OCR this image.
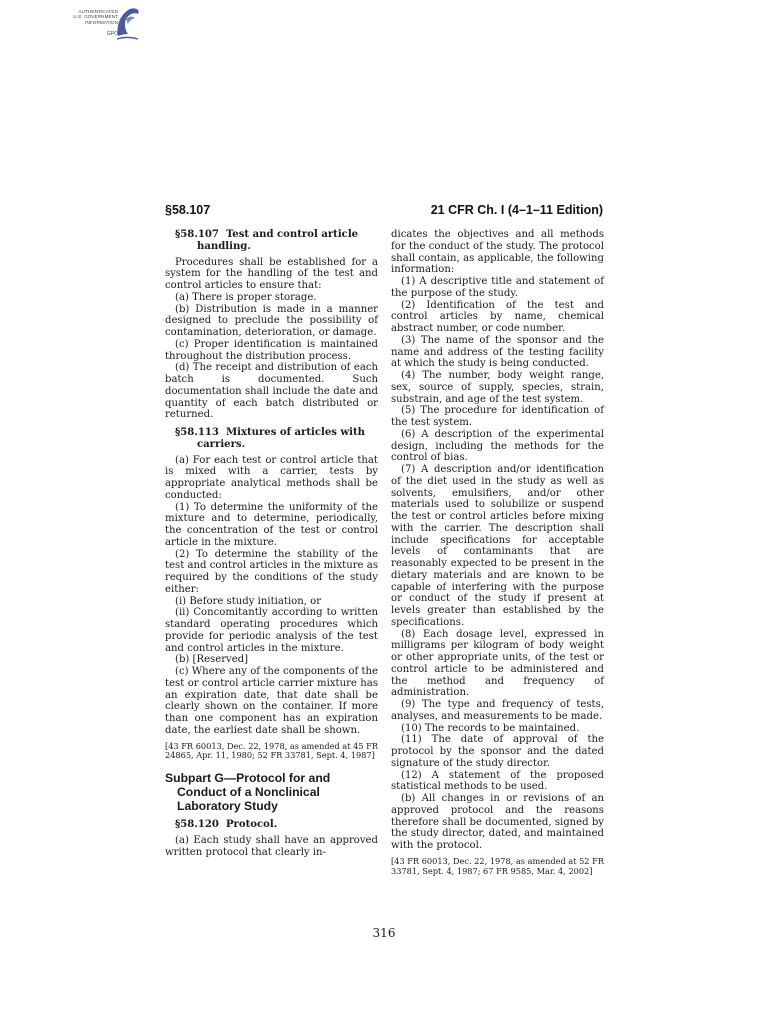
AUTHENTICATED
U.S. GOVERNMENT
INFORMATION
GPO
§58.107	21 CFR Ch. I (4–1–11 Edition)
§58.107 Test and control article handling.

Procedures shall be established for a system for the handling of the test and control articles to ensure that:

(a) There is proper storage.

(b) Distribution is made in a manner designed to preclude the possibility of contamination, deterioration, or damage.

(c) Proper identification is maintained throughout the distribution process.

(d) The receipt and distribution of each batch is documented. Such documentation shall include the date and quantity of each batch distributed or returned.

§58.113 Mixtures of articles with carriers.

(a) For each test or control article that is mixed with a carrier, tests by appropriate analytical methods shall be conducted:

(1) To determine the uniformity of the mixture and to determine, periodically, the concentration of the test or control article in the mixture.

(2) To determine the stability of the test and control articles in the mixture as required by the conditions of the study either:

(i) Before study initiation, or

(ii) Concomitantly according to written standard operating procedures which provide for periodic analysis of the test and control articles in the mixture.

(b) [Reserved]

(c) Where any of the components of the test or control article carrier mixture has an expiration date, that date shall be clearly shown on the container. If more than one component has an expiration date, the earliest date shall be shown.

[43 FR 60013, Dec. 22, 1978, as amended at 45 FR 24865, Apr. 11, 1980; 52 FR 33781, Sept. 4, 1987]

Subpart G—Protocol for and Conduct of a Nonclinical Laboratory Study
§58.120 Protocol.

(a) Each study shall have an approved written protocol that clearly in-

dicates the objectives and all methods for the conduct of the study. The protocol shall contain, as applicable, the following information:

(1) A descriptive title and statement of the purpose of the study.

(2) Identification of the test and control articles by name, chemical abstract number, or code number.

(3) The name of the sponsor and the name and address of the testing facility at which the study is being conducted.

(4) The number, body weight range, sex, source of supply, species, strain, substrain, and age of the test system.

(5) The procedure for identification of the test system.

(6) A description of the experimental design, including the methods for the control of bias.

(7) A description and/or identification of the diet used in the study as well as solvents, emulsifiers, and/or other materials used to solubilize or suspend the test or control articles before mixing with the carrier. The description shall include specifications for acceptable levels of contaminants that are reasonably expected to be present in the dietary materials and are known to be capable of interfering with the purpose or conduct of the study if present at levels greater than established by the specifications.

(8) Each dosage level, expressed in milligrams per kilogram of body weight or other appropriate units, of the test or control article to be administered and the method and frequency of administration.

(9) The type and frequency of tests, analyses, and measurements to be made.

(10) The records to be maintained.

(11) The date of approval of the protocol by the sponsor and the dated signature of the study director.

(12) A statement of the proposed statistical methods to be used.

(b) All changes in or revisions of an approved protocol and the reasons therefore shall be documented, signed by the study director, dated, and maintained with the protocol.

[43 FR 60013, Dec. 22, 1978, as amended at 52 FR 33781, Sept. 4, 1987; 67 FR 9585, Mar. 4, 2002]

316
